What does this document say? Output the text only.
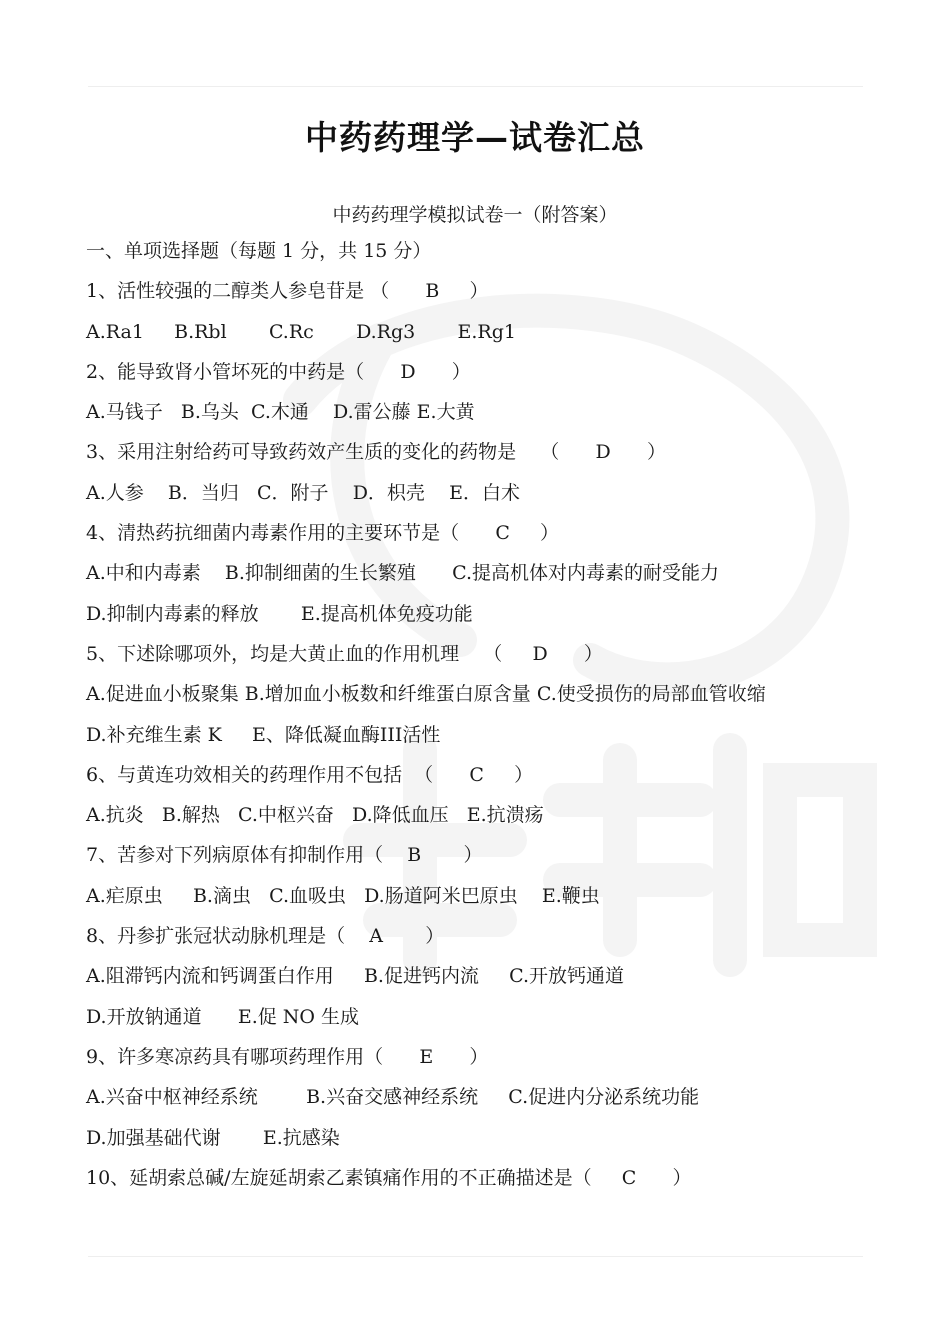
中药药理学—试卷汇总
中药药理学模拟试卷一（附答案）
一、单项选择题（每题 1 分，共 15 分）
1、活性较强的二醇类人参皂苷是 （      B     ）
A.Ra1     B.Rbl       C.Rc       D.Rg3       E.Rg1
2、能导致肾小管坏死的中药是（      D      ）
A.马钱子   B.乌头  C.木通    D.雷公藤 E.大黄
3、采用注射给药可导致药效产生质的变化的药物是    （      D      ）
A.人参    B．当归   C．附子    D．枳壳    E．白术
4、清热药抗细菌内毒素作用的主要环节是（      C     ）
A.中和内毒素    B.抑制细菌的生长繁殖      C.提高机体对内毒素的耐受能力
D.抑制内毒素的释放       E.提高机体免疫功能
5、下述除哪项外，均是大黄止血的作用机理    （     D      ）
A.促进血小板聚集 B.增加血小板数和纤维蛋白原含量 C.使受损伤的局部血管收缩
D.补充维生素 K     E、降低凝血酶III活性
6、与黄连功效相关的药理作用不包括  （      C     ）
A.抗炎   B.解热   C.中枢兴奋   D.降低血压   E.抗溃疡
7、苦参对下列病原体有抑制作用（    B       ）
A.疟原虫     B.滴虫   C.血吸虫   D.肠道阿米巴原虫    E.鞭虫
8、丹参扩张冠状动脉机理是（    A       ）
A.阻滞钙内流和钙调蛋白作用     B.促进钙内流     C.开放钙通道
D.开放钠通道      E.促 NO 生成
9、许多寒凉药具有哪项药理作用（      E      ）
A.兴奋中枢神经系统        B.兴奋交感神经系统     C.促进内分泌系统功能
D.加强基础代谢       E.抗感染
10、延胡索总碱/左旋延胡索乙素镇痛作用的不正确描述是（     C      ）
